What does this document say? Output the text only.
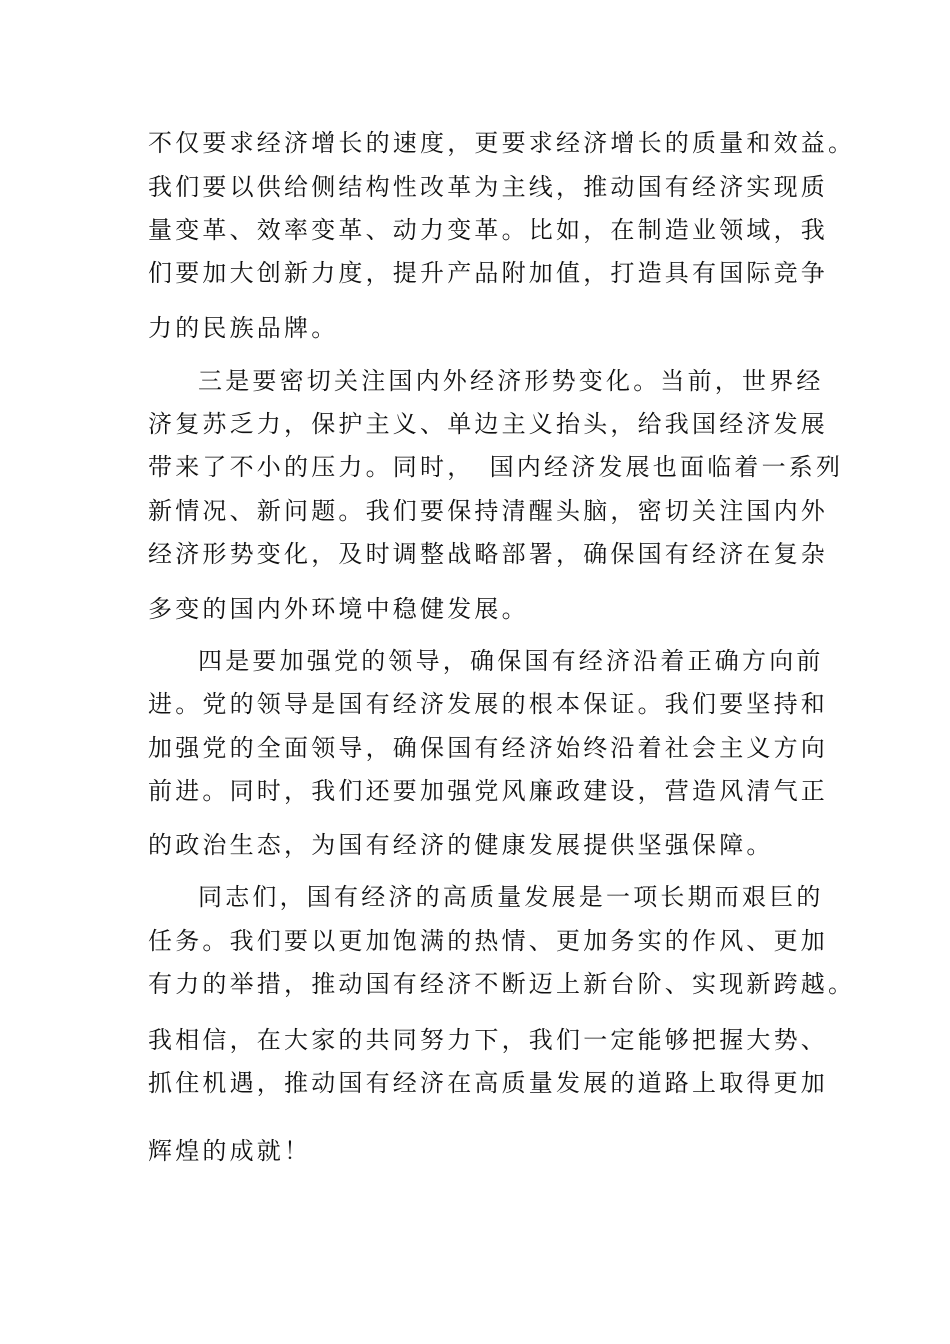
不仅要求经济增长的速度，更要求经济增长的质量和效益。
我们要以供给侧结构性改革为主线，推动国有经济实现质
量变革、效率变革、动力变革。比如，在制造业领域，我
们要加大创新力度，提升产品附加值，打造具有国际竞争
力的民族品牌。
三是要密切关注国内外经济形势变化。当前，世界经
济复苏乏力，保护主义、单边主义抬头，给我国经济发展
带来了不小的压力。同时，　国内经济发展也面临着一系列
新情况、新问题。我们要保持清醒头脑，密切关注国内外
经济形势变化，及时调整战略部署，确保国有经济在复杂
多变的国内外环境中稳健发展。
四是要加强党的领导，确保国有经济沿着正确方向前
进。党的领导是国有经济发展的根本保证。我们要坚持和
加强党的全面领导，确保国有经济始终沿着社会主义方向
前进。同时，我们还要加强党风廉政建设，营造风清气正
的政治生态，为国有经济的健康发展提供坚强保障。
同志们，国有经济的高质量发展是一项长期而艰巨的
任务。我们要以更加饱满的热情、更加务实的作风、更加
有力的举措，推动国有经济不断迈上新台阶、实现新跨越。
我相信，在大家的共同努力下，我们一定能够把握大势、
抓住机遇，推动国有经济在高质量发展的道路上取得更加
辉煌的成就！
